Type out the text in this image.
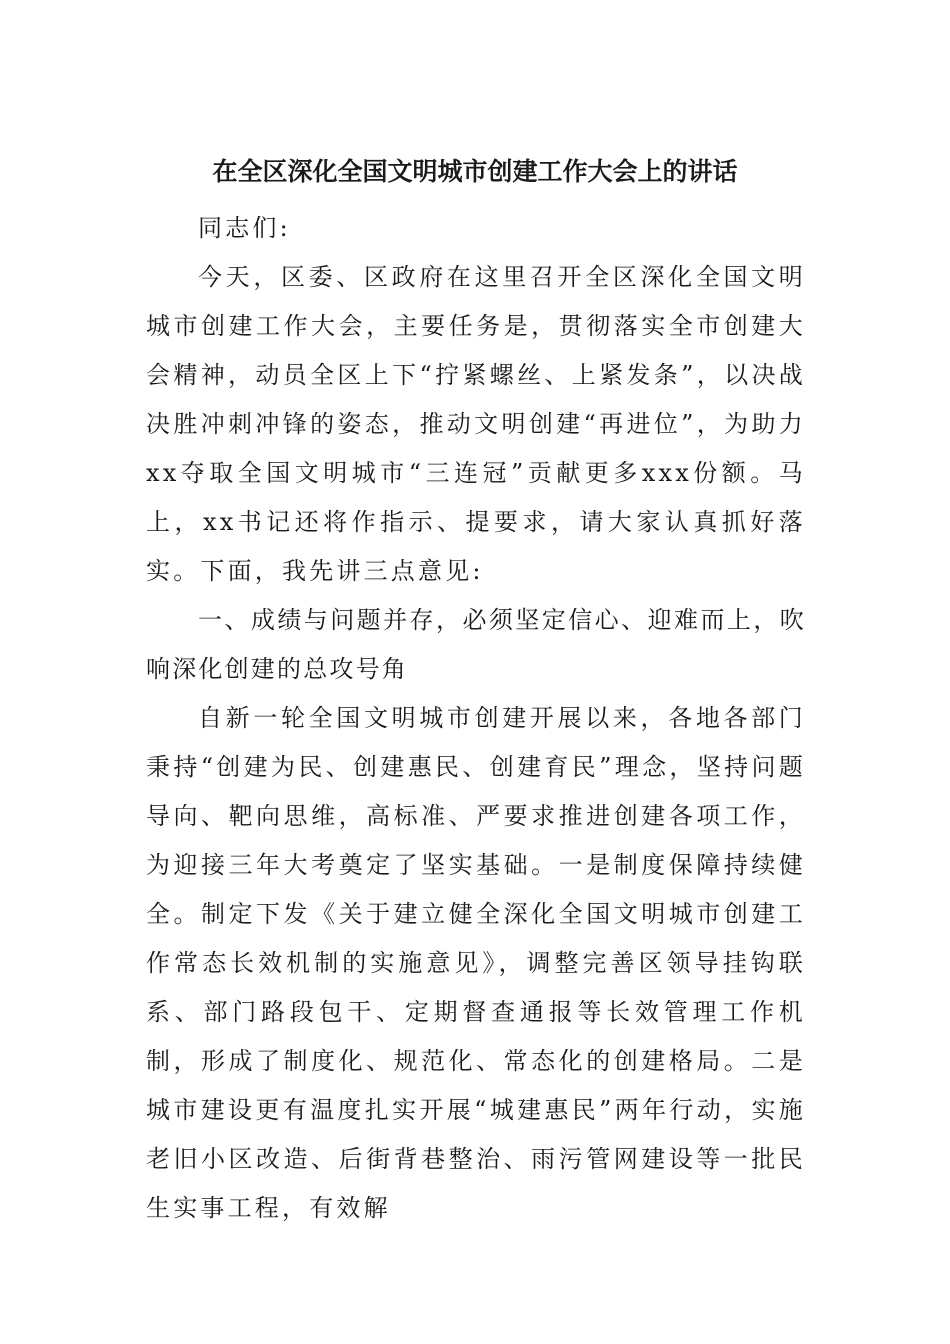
在全区深化全国文明城市创建工作大会上的讲话

同志们:

今天，区委、区政府在这里召开全区深化全国文明城市创建工作大会，主要任务是，贯彻落实全市创建大会精神，动员全区上下“拧紧螺丝、上紧发条”，以决战决胜冲刺冲锋的姿态，推动文明创建“再进位”，为助力xx夺取全国文明城市“三连冠”贡献更多xxx份额。马上，xx书记还将作指示、提要求，请大家认真抓好落实。下面，我先讲三点意见:

一、成绩与问题并存，必须坚定信心、迎难而上，吹响深化创建的总攻号角

自新一轮全国文明城市创建开展以来，各地各部门秉持“创建为民、创建惠民、创建育民”理念，坚持问题导向、靶向思维，高标准、严要求推进创建各项工作，为迎接三年大考奠定了坚实基础。一是制度保障持续健全。制定下发《关于建立健全深化全国文明城市创建工作常态长效机制的实施意见》，调整完善区领导挂钩联系、部门路段包干、定期督查通报等长效管理工作机制，形成了制度化、规范化、常态化的创建格局。二是城市建设更有温度扎实开展“城建惠民”两年行动，实施老旧小区改造、后街背巷整治、雨污管网建设等一批民生实事工程，有效解
